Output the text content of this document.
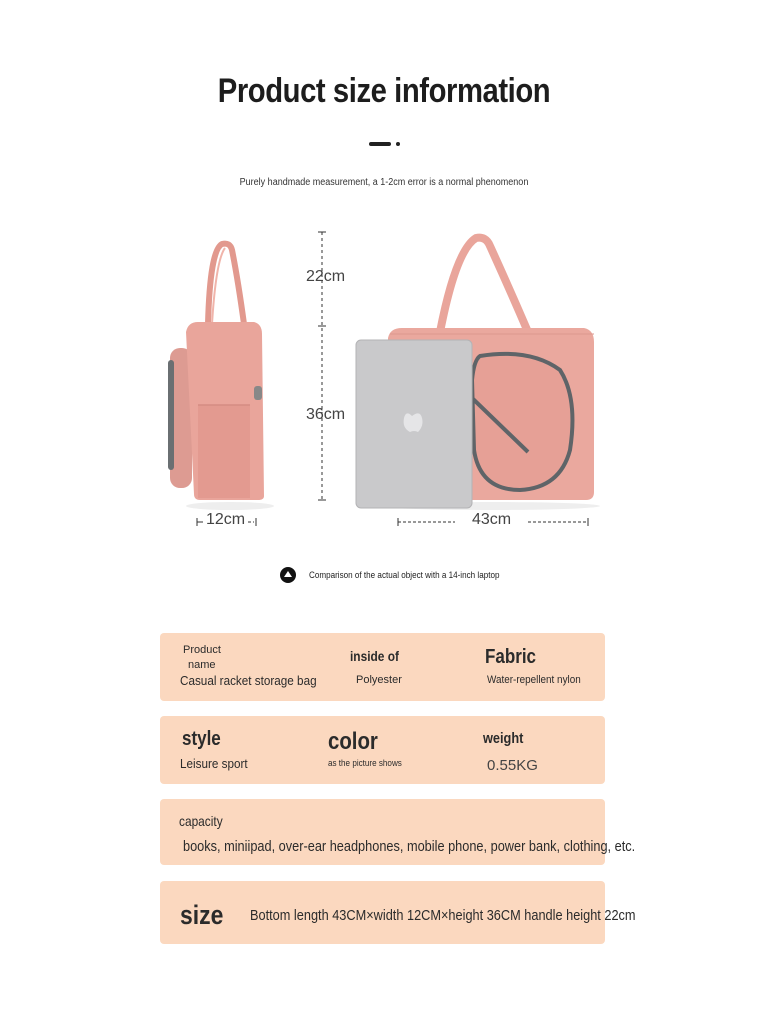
Product size information
Purely handmade measurement, a 1-2cm error is a normal phenomenon
22cm
36cm
12cm	43cm
Comparison of the actual object with a 14-inch laptop
Product
name
Casual racket storage bag
inside of
Polyester
Fabric
Water-repellent nylon
style
Leisure sport
color
as the picture shows
weight
0.55KG
capacity
books, miniipad, over-ear headphones, mobile phone, power bank, clothing, etc.
size Bottom length 43CM×width 12CM×height 36CM handle height 22cm
